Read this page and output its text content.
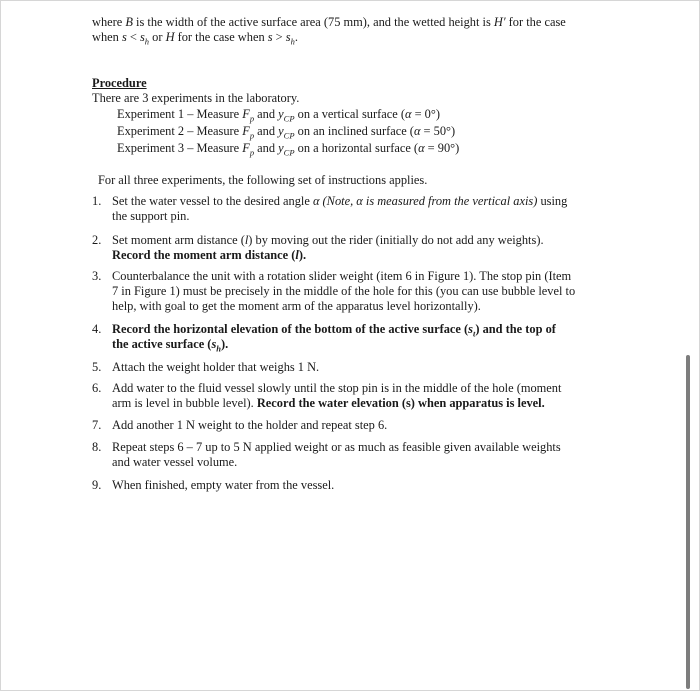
where B is the width of the active surface area (75 mm), and the wetted height is H′ for the case
when $s < s_h$ or H for the case when $s > s_h$.
Procedure
There are 3 experiments in the laboratory.
Experiment 1 – Measure $F_p$ and $y_{CP}$ on a vertical surface (α = 0°)
Experiment 2 – Measure $F_p$ and $y_{CP}$ on an inclined surface (α = 50°)
Experiment 3 – Measure $F_p$ and $y_{CP}$ on a horizontal surface (α = 90°)
For all three experiments, the following set of instructions applies.
1. Set the water vessel to the desired angle α (Note, α is measured from the vertical axis) using
the support pin.
2. Set moment arm distance (l) by moving out the rider (initially do not add any weights).
Record the moment arm distance (l).
3. Counterbalance the unit with a rotation slider weight (item 6 in Figure 1). The stop pin (Item
7 in Figure 1) must be precisely in the middle of the hole for this (you can use bubble level to
help, with goal to get the moment arm of the apparatus level horizontally).
4. Record the horizontal elevation of the bottom of the active surface $(s_t)$ and the top of
the active surface $(s_h)$.
5. Attach the weight holder that weighs 1 N.
6. Add water to the fluid vessel slowly until the stop pin is in the middle of the hole (moment
arm is level in bubble level). Record the water elevation (s) when apparatus is level.
7. Add another 1 N weight to the holder and repeat step 6.
8. Repeat steps 6 – 7 up to 5 N applied weight or as much as feasible given available weights
and water vessel volume.
9. When finished, empty water from the vessel.
